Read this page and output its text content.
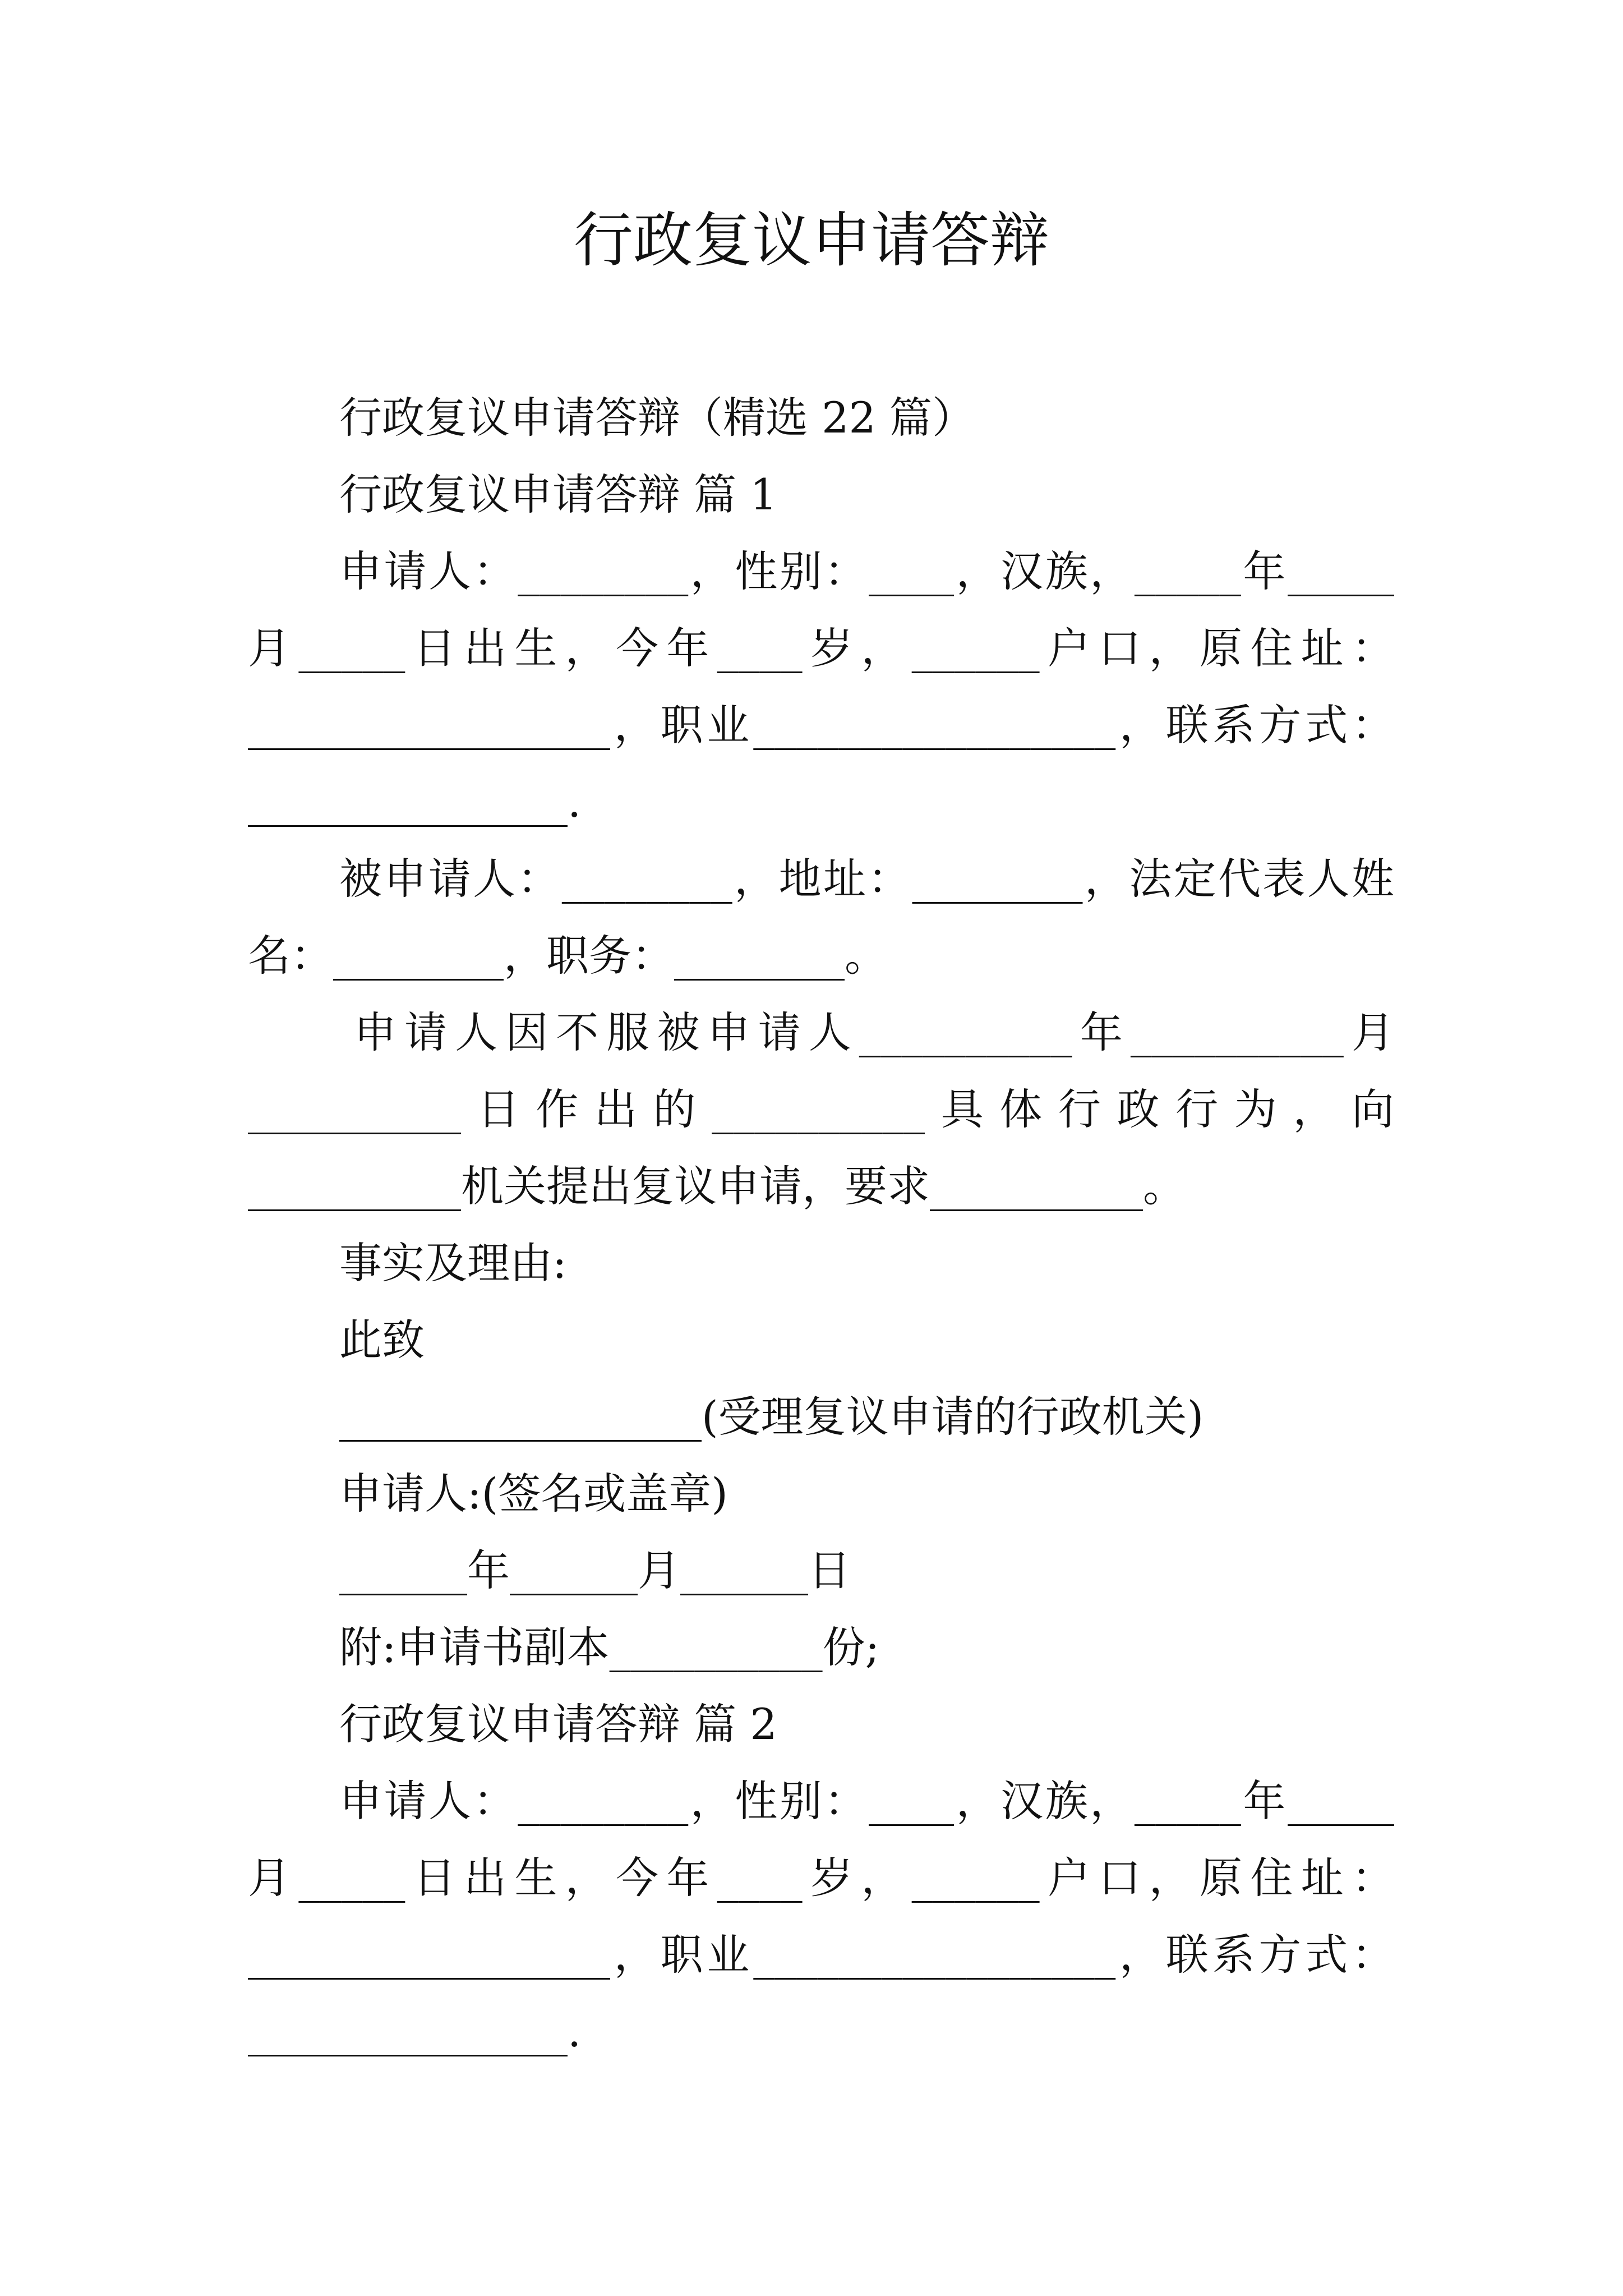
行政复议申请答辩
行政复议申请答辩（精选 22 篇）
行政复议申请答辩 篇 1
申请人：________，性别：____，汉族，_____年_____
月_____日出生，今年____岁，______户口，原住址：
_________________，职业_________________，联系方式：
_______________.
被申请人：________，地址：________，法定代表人姓
名：________，职务：________。
申请人因不服被申请人__________年__________月
__________日作出的__________具体行政行为，向
__________机关提出复议申请，要求__________。
事实及理由:
此致
_________________(受理复议申请的行政机关)
申请人:(签名或盖章)
______年______月______日
附:申请书副本__________份;
行政复议申请答辩 篇 2
申请人：________，性别：____，汉族，_____年_____
月_____日出生，今年____岁，______户口，原住址：
_________________，职业_________________，联系方式：
_______________.
